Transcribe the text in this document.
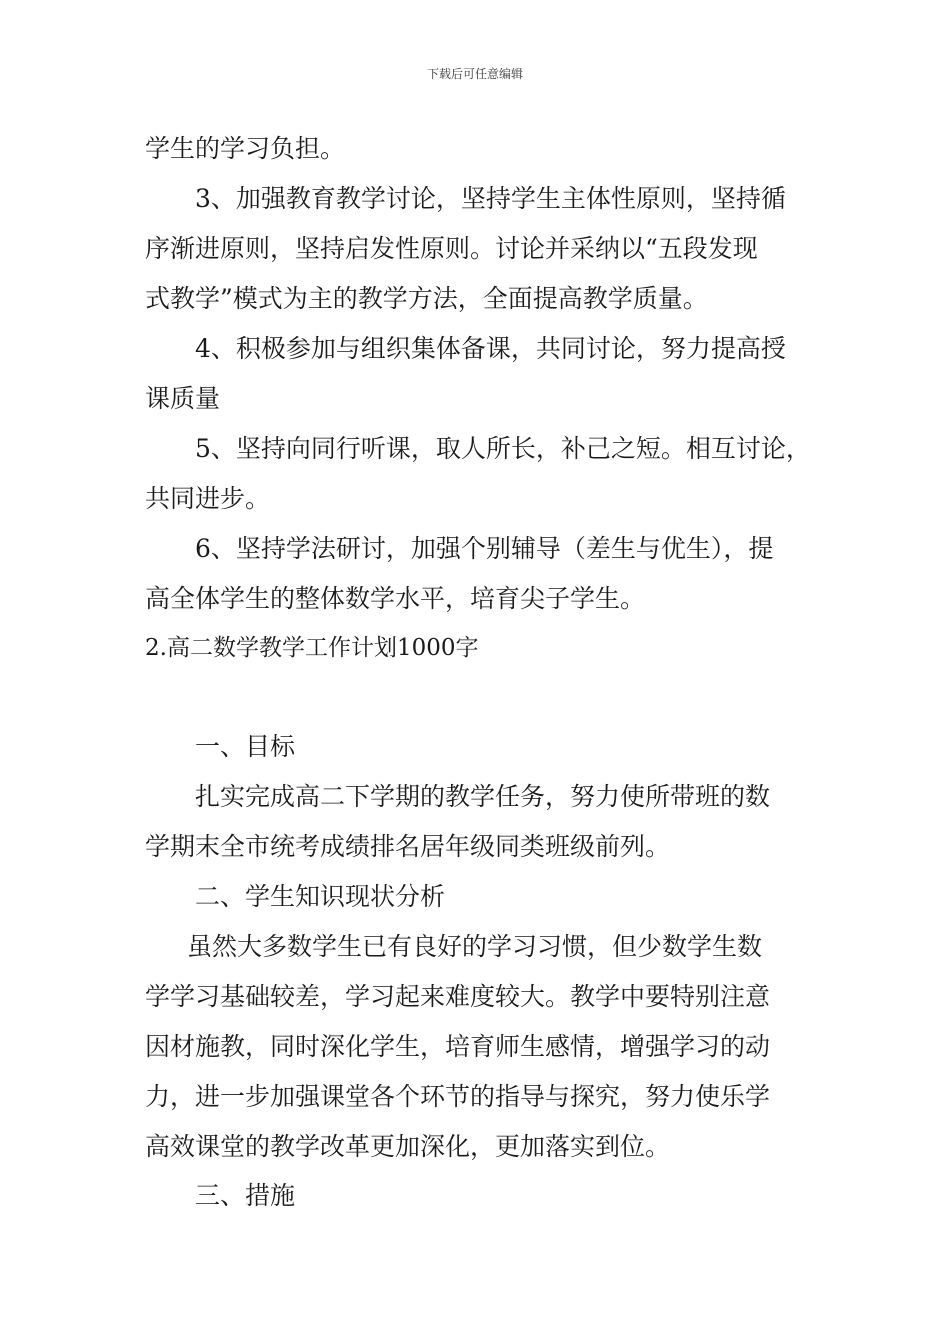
下载后可任意编辑
学生的学习负担。
3、加强教育教学讨论，坚持学生主体性原则，坚持循
序渐进原则，坚持启发性原则。讨论并采纳以“五段发现
式教学”模式为主的教学方法，全面提高教学质量。
4、积极参加与组织集体备课，共同讨论，努力提高授
课质量
5、坚持向同行听课，取人所长，补己之短。相互讨论，
共同进步。
6、坚持学法研讨，加强个别辅导（差生与优生），提
高全体学生的整体数学水平，培育尖子学生。
2.高二数学教学工作计划1000字
一、目标
扎实完成高二下学期的教学任务，努力使所带班的数
学期末全市统考成绩排名居年级同类班级前列。
二、学生知识现状分析
虽然大多数学生已有良好的学习习惯，但少数学生数
学学习基础较差，学习起来难度较大。教学中要特别注意
因材施教，同时深化学生，培育师生感情，增强学习的动
力，进一步加强课堂各个环节的指导与探究，努力使乐学
高效课堂的教学改革更加深化，更加落实到位。
三、措施
